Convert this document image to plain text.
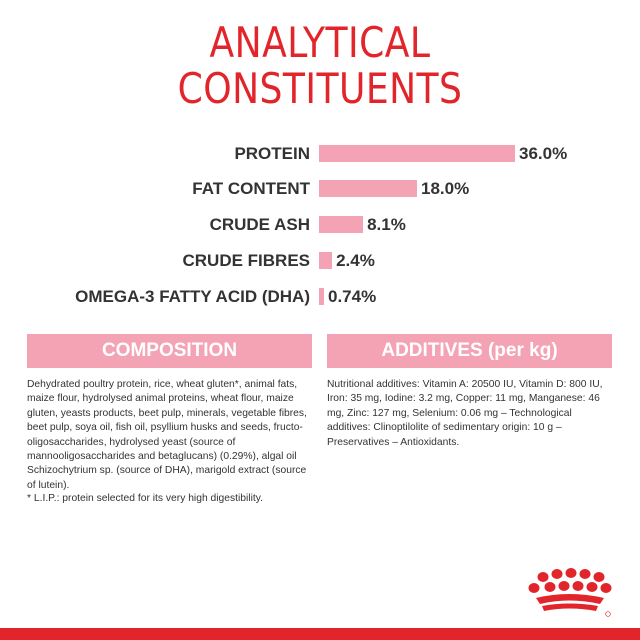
ANALYTICAL
CONSTITUENTS
PROTEIN	36.0%
FAT CONTENT	18.0%
CRUDE ASH	8.1%
CRUDE FIBRES 2.4%
OMEGA-3 FATTY ACID (DHA) 0.74%
COMPOSITION	ADDITIVES (per kg)
Dehydrated poultry protein, rice, wheat gluten*, animal fats, maize flour, hydrolysed animal proteins, wheat flour, maize gluten, yeasts products, beet pulp, minerals, vegetable fibres, beet pulp, soya oil, fish oil, psyllium husks and seeds, fructo-oligosaccharides, hydrolysed yeast (source of mannooligosaccharides and betaglucans) (0.29%), algal oil Schizochytrium sp. (source of DHA), marigold extract (source of lutein).
* L.I.P.: protein selected for its very high digestibility.
Nutritional additives: Vitamin A: 20500 IU, Vitamin D: 800 IU, Iron: 35 mg, Iodine: 3.2 mg, Copper: 11 mg, Manganese: 46 mg, Zinc: 127 mg, Selenium: 0.06 mg – Technological additives: Clinoptilolite of sedimentary origin: 10 g – Preservatives – Antioxidants.
